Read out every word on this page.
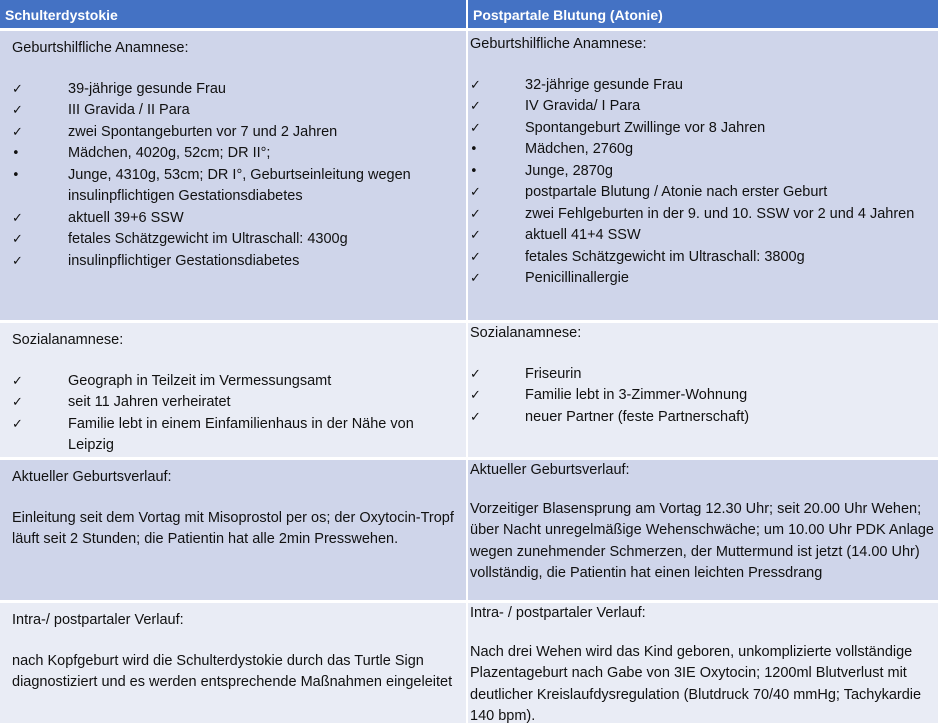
Schulterdystokie
Geburtshilfliche Anamnese:
✓	39-jährige gesunde Frau
✓	III Gravida / II Para
✓	zwei Spontangeburten vor 7 und 2 Jahren
•	Mädchen, 4020g, 52cm; DR II°;
•	Junge, 4310g, 53cm; DR I°, Geburtseinleitung wegen insulinpflichtigen Gestationsdiabetes
✓	aktuell 39+6 SSW
✓	fetales Schätzgewicht im Ultraschall: 4300g
✓	insulinpflichtiger Gestationsdiabetes
Sozialanamnese:
✓	Geograph in Teilzeit im Vermessungsamt
✓	seit 11 Jahren verheiratet
✓	Familie lebt in einem Einfamilienhaus in der Nähe von Leipzig
Aktueller Geburtsverlauf:

Einleitung seit dem Vortag mit Misoprostol per os; der Oxytocin-Tropf läuft seit 2 Stunden; die Patientin hat alle 2min Presswehen.

Intra-/ postpartaler Verlauf:

nach Kopfgeburt wird die Schulterdystokie durch das Turtle Sign diagnostiziert und es werden entsprechende Maßnahmen eingeleitet

Postpartale Blutung (Atonie)
Geburtshilfliche Anamnese:
✓	32-jährige gesunde Frau
✓	IV Gravida/ I Para
✓	Spontangeburt Zwillinge vor 8 Jahren
•	Mädchen, 2760g
•	Junge, 2870g
✓	postpartale Blutung / Atonie nach erster Geburt
✓	zwei Fehlgeburten in der 9. und 10. SSW vor 2 und 4 Jahren
✓	aktuell 41+4 SSW
✓	fetales Schätzgewicht im Ultraschall: 3800g
✓	Penicillinallergie
Sozialanamnese:
✓	Friseurin
✓	Familie lebt in 3-Zimmer-Wohnung
✓	neuer Partner (feste Partnerschaft)
Aktueller Geburtsverlauf:

Vorzeitiger Blasensprung am Vortag 12.30 Uhr; seit 20.00 Uhr Wehen; über Nacht unregelmäßige Wehenschwäche; um 10.00 Uhr PDK Anlage wegen zunehmender Schmerzen, der Muttermund ist jetzt (14.00 Uhr) vollständig, die Patientin hat einen leichten Pressdrang

Intra- / postpartaler Verlauf:

Nach drei Wehen wird das Kind geboren, unkomplizierte vollständige Plazentageburt nach Gabe von 3IE Oxytocin; 1200ml Blutverlust mit deutlicher Kreislaufdysregulation (Blutdruck 70/40 mmHg; Tachykardie 140 bpm).
